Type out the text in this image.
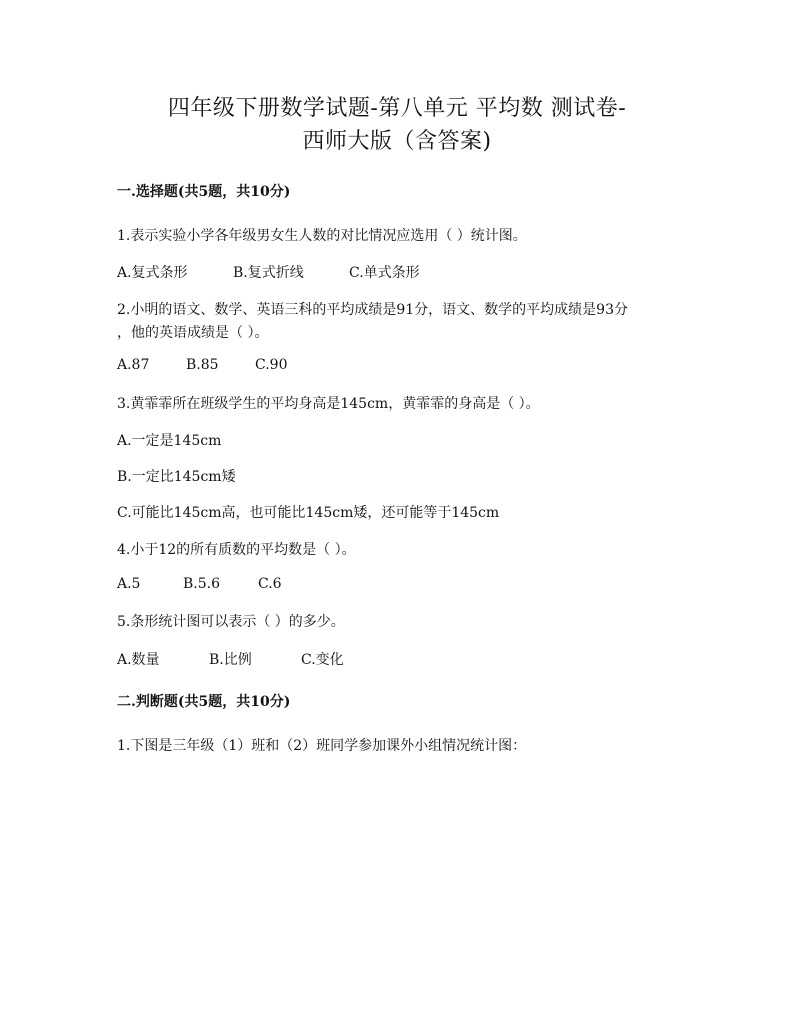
四年级下册数学试题-第八单元 平均数 测试卷-
西师大版（含答案)
一.选择题(共5题，共10分)
1.表示实验小学各年级男女生人数的对比情况应选用（ ）统计图。
A.复式条形	B.复式折线	C.单式条形
2.小明的语文、数学、英语三科的平均成绩是91分，语文、数学的平均成绩是93分
，他的英语成绩是（ ）。
A.87	B.85	C.90
3.黄霏霏所在班级学生的平均身高是145cm，黄霏霏的身高是（ ）。
A.一定是145cm
B.一定比145cm矮
C.可能比145cm高，也可能比145cm矮，还可能等于145cm
4.小于12的所有质数的平均数是（ ）。
A.5	B.5.6	C.6
5.条形统计图可以表示（ ）的多少。
A.数量	B.比例	C.变化
二.判断题(共5题，共10分)
1.下图是三年级（1）班和（2）班同学参加课外小组情况统计图：
